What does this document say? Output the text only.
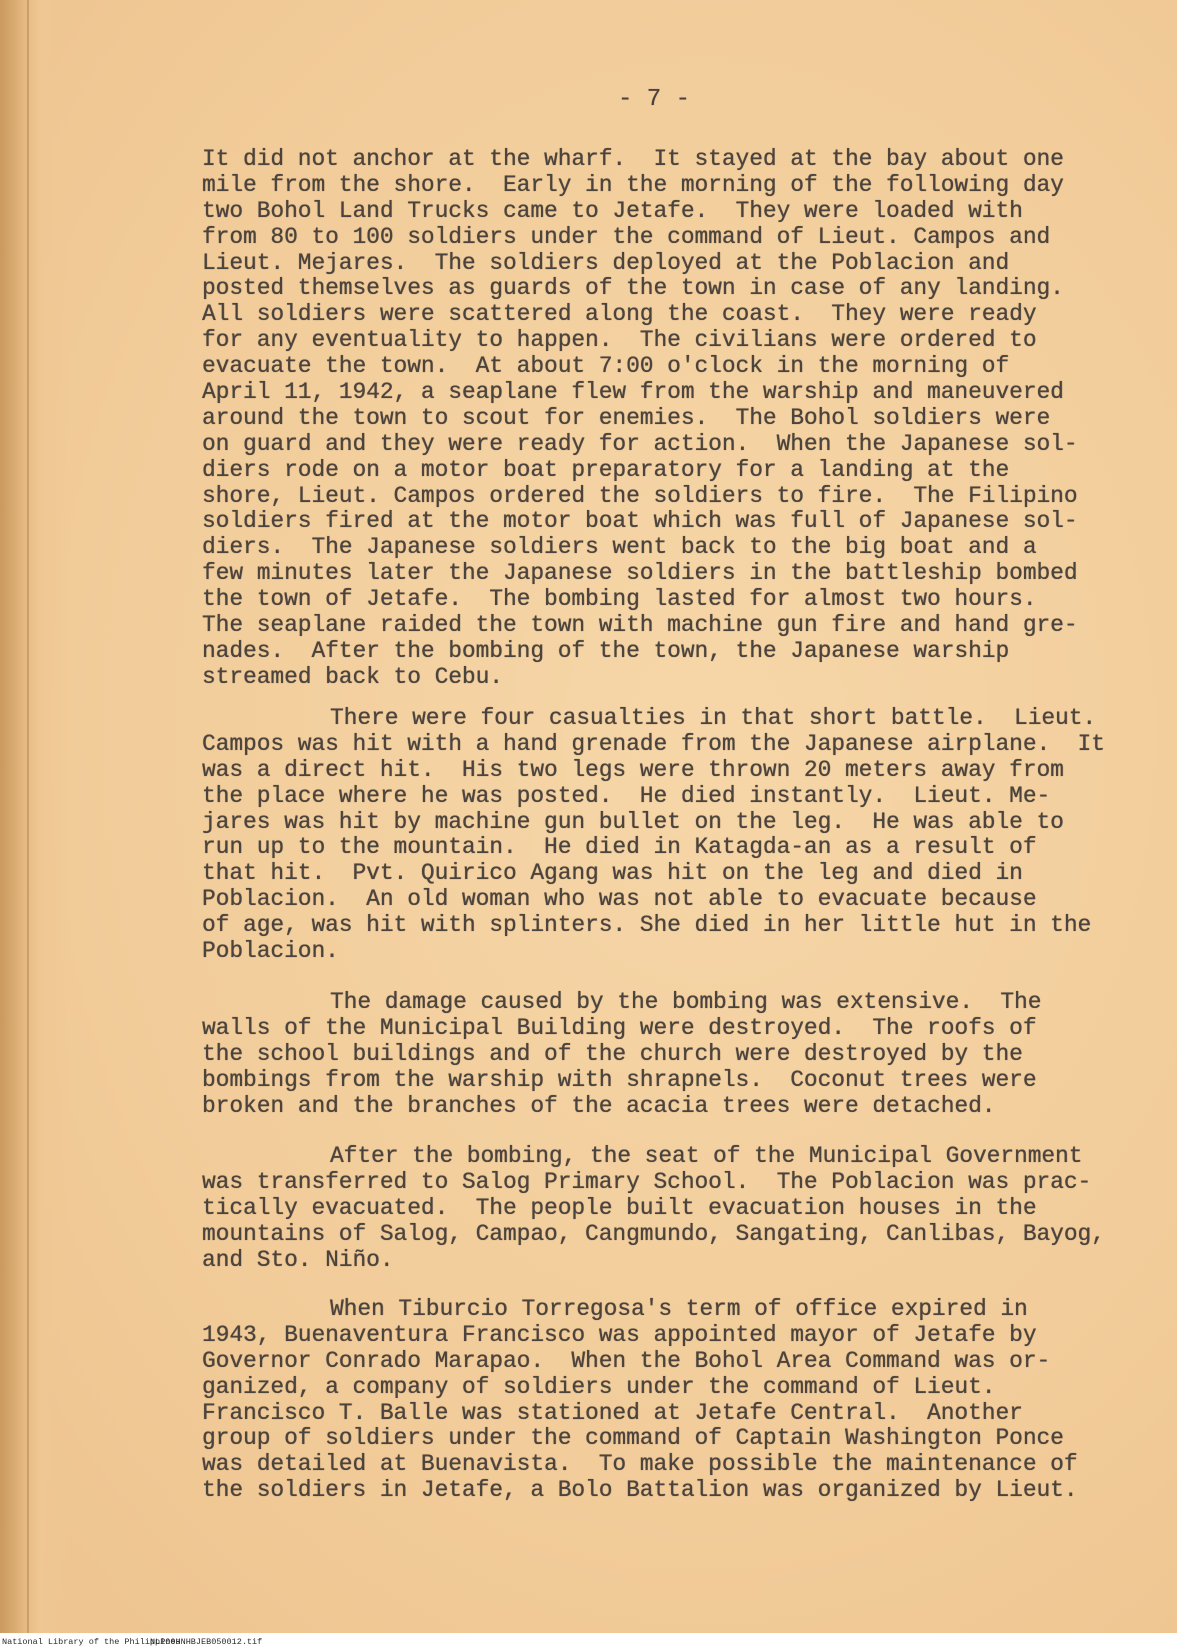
- 7 -
It did not anchor at the wharf.  It stayed at the bay about one
mile from the shore.  Early in the morning of the following day
two Bohol Land Trucks came to Jetafe.  They were loaded with
from 80 to 100 soldiers under the command of Lieut. Campos and
Lieut. Mejares.  The soldiers deployed at the Poblacion and
posted themselves as guards of the town in case of any landing.
All soldiers were scattered along the coast.  They were ready
for any eventuality to happen.  The civilians were ordered to
evacuate the town.  At about 7:00 o'clock in the morning of
April 11, 1942, a seaplane flew from the warship and maneuvered
around the town to scout for enemies.  The Bohol soldiers were
on guard and they were ready for action.  When the Japanese sol-
diers rode on a motor boat preparatory for a landing at the
shore, Lieut. Campos ordered the soldiers to fire.  The Filipino
soldiers fired at the motor boat which was full of Japanese sol-
diers.  The Japanese soldiers went back to the big boat and a
few minutes later the Japanese soldiers in the battleship bombed
the town of Jetafe.  The bombing lasted for almost two hours.
The seaplane raided the town with machine gun fire and hand gre-
nades.  After the bombing of the town, the Japanese warship
streamed back to Cebu.
There were four casualties in that short battle.  Lieut.
Campos was hit with a hand grenade from the Japanese airplane.  It
was a direct hit.  His two legs were thrown 20 meters away from
the place where he was posted.  He died instantly.  Lieut. Me-
jares was hit by machine gun bullet on the leg.  He was able to
run up to the mountain.  He died in Katagda-an as a result of
that hit.  Pvt. Quirico Agang was hit on the leg and died in
Poblacion.  An old woman who was not able to evacuate because
of age, was hit with splinters. She died in her little hut in the
Poblacion.
The damage caused by the bombing was extensive.  The
walls of the Municipal Building were destroyed.  The roofs of
the school buildings and of the church were destroyed by the
bombings from the warship with shrapnels.  Coconut trees were
broken and the branches of the acacia trees were detached.
After the bombing, the seat of the Municipal Government
was transferred to Salog Primary School.  The Poblacion was prac-
tically evacuated.  The people built evacuation houses in the
mountains of Salog, Campao, Cangmundo, Sangating, Canlibas, Bayog,
and Sto. Niño.
When Tiburcio Torregosa's term of office expired in
1943, Buenaventura Francisco was appointed mayor of Jetafe by
Governor Conrado Marapao.  When the Bohol Area Command was or-
ganized, a company of soldiers under the command of Lieut.
Francisco T. Balle was stationed at Jetafe Central.  Another
group of soldiers under the command of Captain Washington Ponce
was detailed at Buenavista.  To make possible the maintenance of
the soldiers in Jetafe, a Bolo Battalion was organized by Lieut.
National Library of the Philippines
NLP00HNHBJEB050012.tif
